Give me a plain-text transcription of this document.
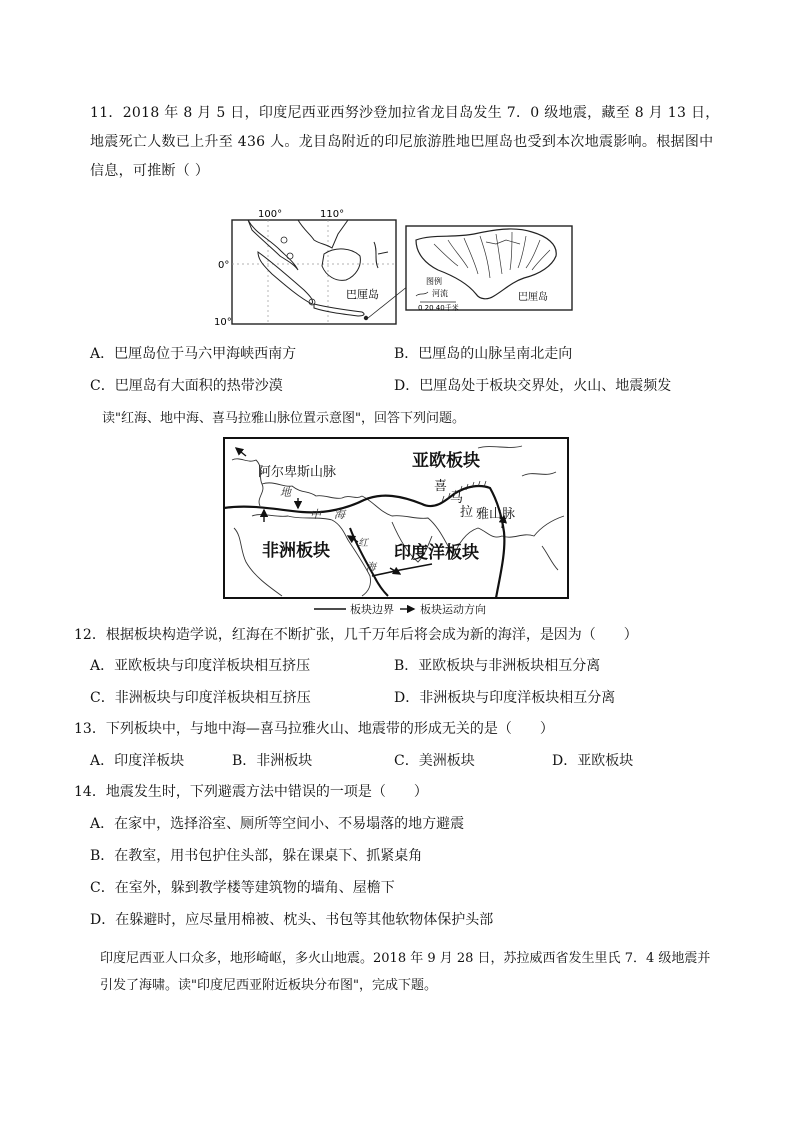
11．2018 年 8 月 5 日，印度尼西亚西努沙登加拉省龙目岛发生 7．0 级地震，藏至 8 月 13 日，地震死亡人数已上升至 436 人。龙目岛附近的印尼旅游胜地巴厘岛也受到本次地震影响。根据图中信息，可推断（ ）

100°	110°
0°
10°
巴厘岛	巴厘岛
图例
河流
0 20 40千米
A．巴厘岛位于马六甲海峡西南方	B．巴厘岛的山脉呈南北走向
C．巴厘岛有大面积的热带沙漠	D．巴厘岛处于板块交界处，火山、地震频发
读"红海、地中海、喜马拉雅山脉位置示意图"，回答下列问题。
亚欧板块
阿尔卑斯山脉
非洲板块	印度洋板块
地
中 海
喜
马
拉 雅山脉
红
海
板块边界 板块运动方向
12．根据板块构造学说，红海在不断扩张，几千万年后将会成为新的海洋，是因为（　　）
A．亚欧板块与印度洋板块相互挤压	B．亚欧板块与非洲板块相互分离
C．非洲板块与印度洋板块相互挤压	D．非洲板块与印度洋板块相互分离
13．下列板块中，与地中海—喜马拉雅火山、地震带的形成无关的是（　　）
A．印度洋板块	B．非洲板块	C．美洲板块	D．亚欧板块
14．地震发生时，下列避震方法中错误的一项是（　　）
A．在家中，选择浴室、厕所等空间小、不易塌落的地方避震
B．在教室，用书包护住头部，躲在课桌下、抓紧桌角
C．在室外，躲到教学楼等建筑物的墙角、屋檐下
D．在躲避时，应尽量用棉被、枕头、书包等其他软物体保护头部

印度尼西亚人口众多，地形崎岖，多火山地震。2018 年 9 月 28 日，苏拉威西省发生里氏 7．4 级地震并引发了海啸。读"印度尼西亚附近板块分布图"，完成下题。
